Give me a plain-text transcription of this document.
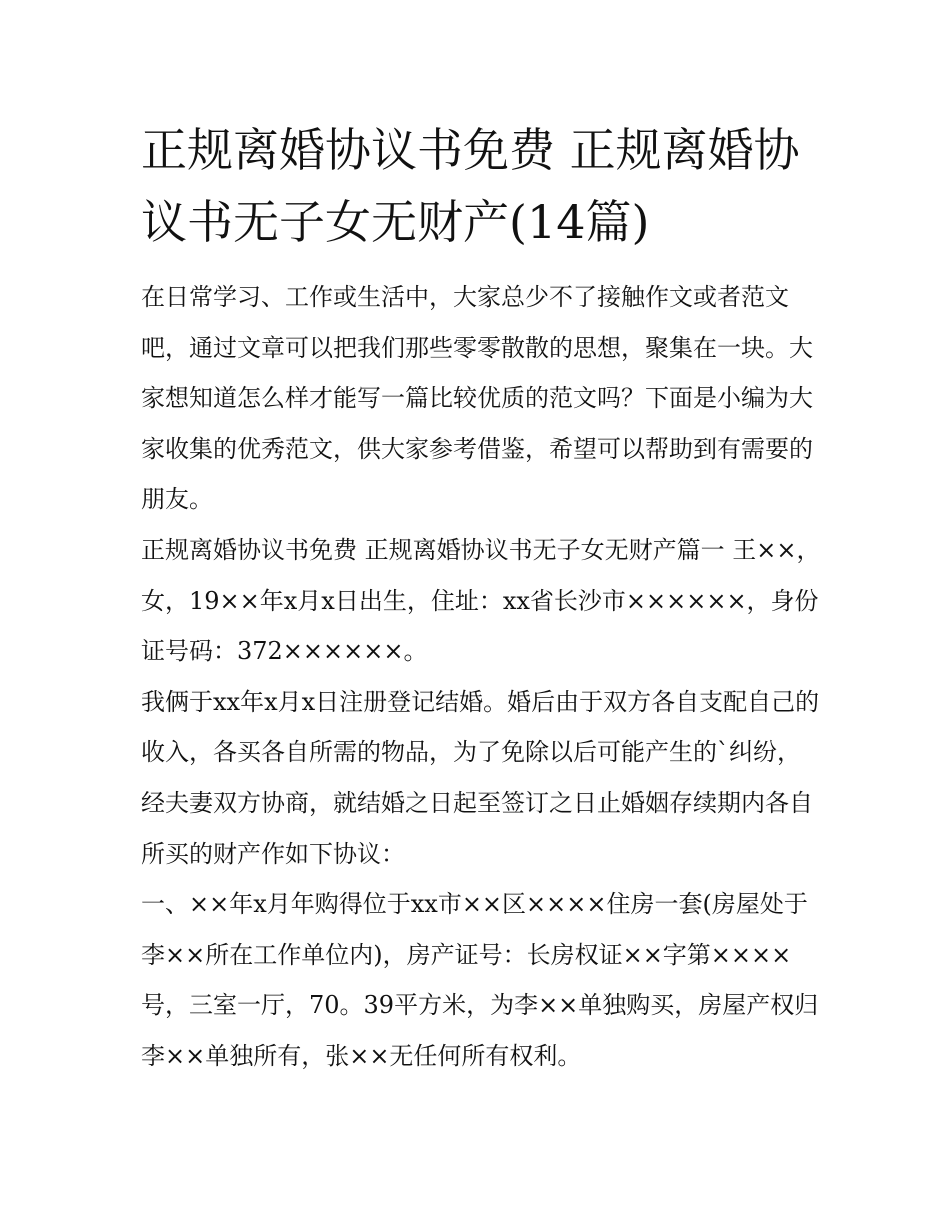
正规离婚协议书免费 正规离婚协议书无子女无财产(14篇)

在日常学习、工作或生活中，大家总少不了接触作文或者范文吧，通过文章可以把我们那些零零散散的思想，聚集在一块。大家想知道怎么样才能写一篇比较优质的范文吗？下面是小编为大家收集的优秀范文，供大家参考借鉴，希望可以帮助到有需要的朋友。

正规离婚协议书免费 正规离婚协议书无子女无财产篇一 王××，女，19××年x月x日出生，住址：xx省长沙市××××××，身份证号码：372××××××。

我俩于xx年x月x日注册登记结婚。婚后由于双方各自支配自己的收入，各买各自所需的物品，为了免除以后可能产生的`纠纷，经夫妻双方协商，就结婚之日起至签订之日止婚姻存续期内各自所买的财产作如下协议：

一、××年x月年购得位于xx市××区××××住房一套(房屋处于李××所在工作单位内)，房产证号：长房权证××字第××××号，三室一厅，70。39平方米，为李××单独购买，房屋产权归李××单独所有，张××无任何所有权利。
